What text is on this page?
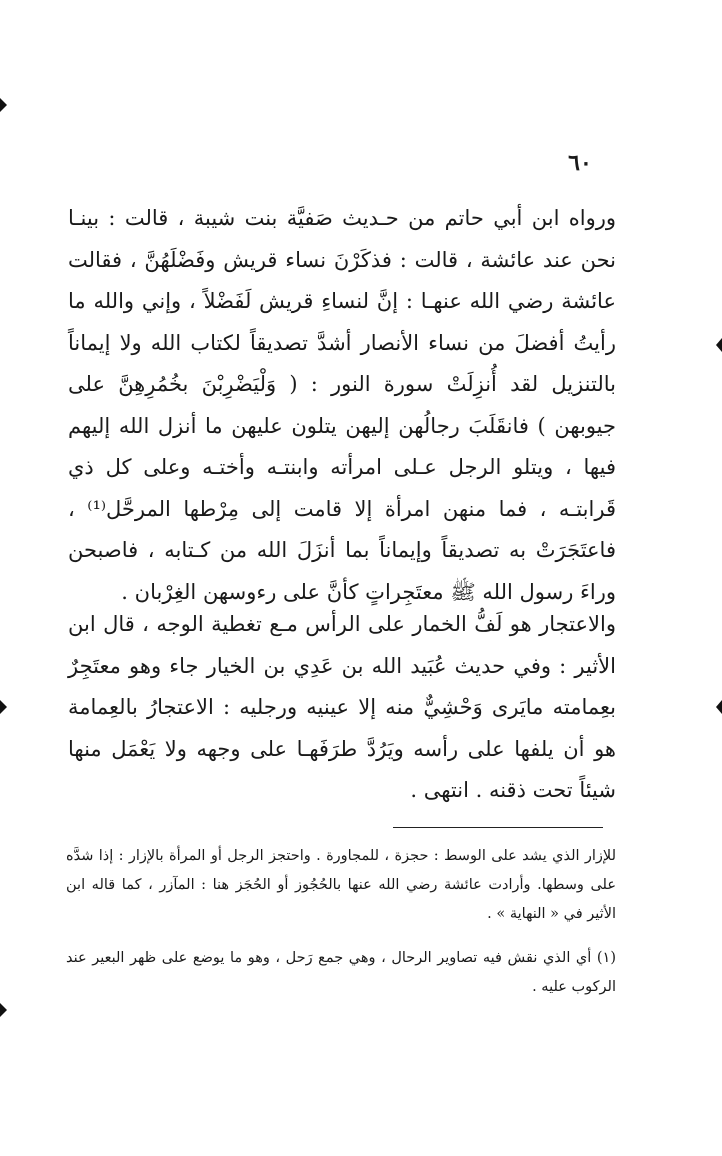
٦٠

ورواه ابن أبي حاتم من حـديث صَفيَّة بنت شيبة ، قالت : بينـا نحن عند عائشة ، قالت : فذكَرْنَ نساء قريش وفَضْلَهُنَّ ، فقالت عائشة رضي الله عنهـا : إنَّ لنساءِ قريش لَفَضْلاً ، وإني والله ما رأيتُ أفضلَ من نساء الأنصار أشدَّ تصديقاً لكتاب الله ولا إيماناً بالتنزيل لقد أُنزِلَتْ سورة النور : ( وَلْيَضْرِبْنَ بخُمُرِهِنَّ على جيوبهن ) فانقَلَبَ رجالُهن إليهن يتلون عليهن ما أنزل الله إليهم فيها ، ويتلو الرجل عـلى امرأته وابنتـه وأختـه وعلى كل ذي قَرابتـه ، فما منهن امرأة إلا قامت إلى مِرْطها المرحَّل⁽¹⁾ ، فاعتَجَرَتْ به تصديقاً وإيماناً بما أنزَلَ الله من كـتابه ، فاصبحن وراءَ رسول الله ﷺ معتَجِراتٍ كأنَّ على رءوسهن الغِرْبان .

والاعتجار هو لَفُّ الخمار على الرأس مـع تغطية الوجه ، قال ابن الأثير : وفي حديث عُبَيد الله بن عَدِي بن الخيار جاء وهو معتَجِرٌ بعِمامته مايَرى وَحْشِيٌّ منه إلا عينيه ورجليه : الاعتجارُ بالعِمامة هو أن يلفها على رأسه ويَرُدَّ طرَفَهـا على وجهه ولا يَعْمَل منها شيئاً تحت ذقنه . انتهى .

للإزار الذي يشد على الوسط : حجزة ، للمجاورة . واحتجز الرجل أو المرأة بالإزار : إذا شدَّه على وسطها. وأرادت عائشة رضي الله عنها بالحُجُوز أو الحُجَز هنا : المآزر ، كما قاله ابن الأثير في « النهاية » .

(١) أي الذي نقش فيه تصاوير الرحال ، وهي جمع رَحل ، وهو ما يوضع على ظهر البعير عند الركوب عليه .
